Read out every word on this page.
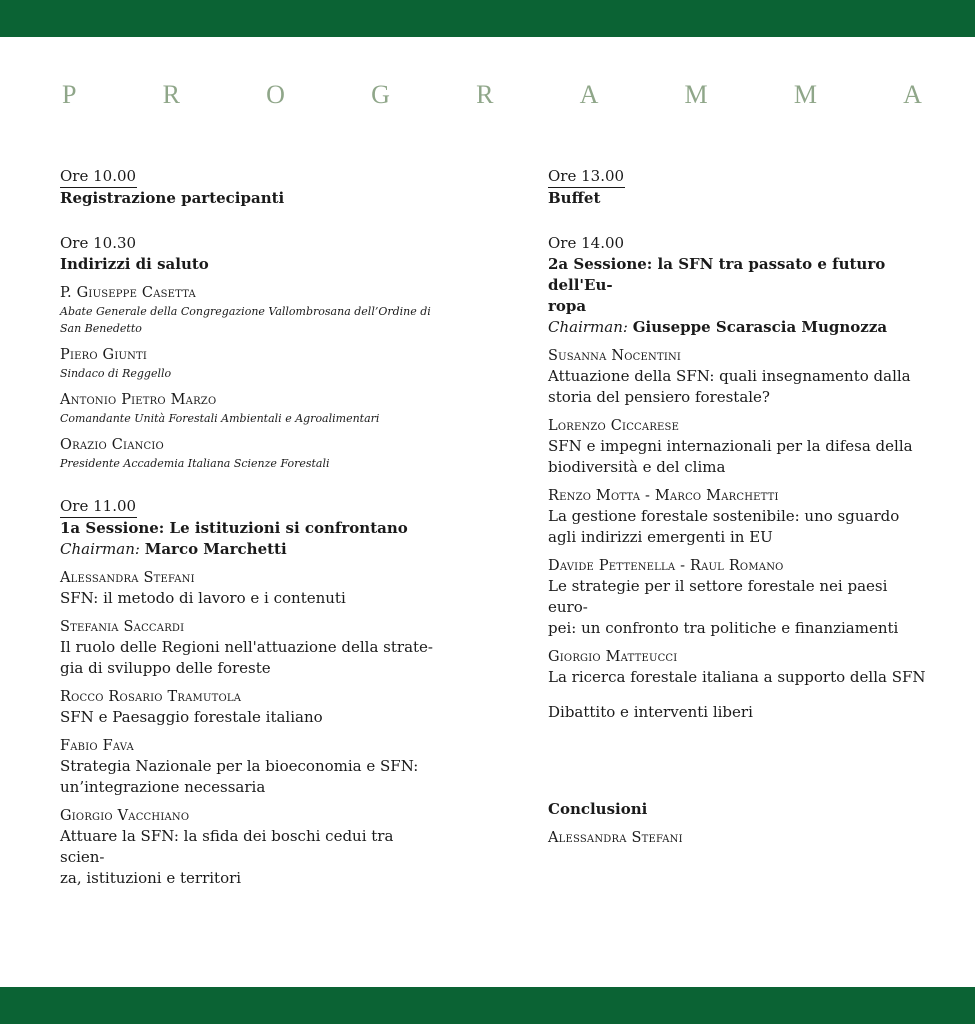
P	R	O	G	R	A	M	M	A
Ore 10.00
Registrazione partecipanti
Ore 10.30
Indirizzi di saluto
P. Giuseppe Casetta
Abate Generale della Congregazione Vallombrosana dell’Ordine di
San Benedetto
Piero Giunti
Sindaco di Reggello
Antonio Pietro Marzo
Comandante Unità Forestali Ambientali e Agroalimentari
Orazio Ciancio
Presidente Accademia Italiana Scienze Forestali
Ore 11.00
1a Sessione: Le istituzioni si confrontano
Chairman: Marco Marchetti
Alessandra Stefani
SFN: il metodo di lavoro e i contenuti
Stefania Saccardi
Il ruolo delle Regioni nell'attuazione della strate-
gia di sviluppo delle foreste
Rocco Rosario Tramutola
SFN e Paesaggio forestale italiano
Fabio Fava
Strategia Nazionale per la bioeconomia e SFN:
un’integrazione necessaria
Giorgio Vacchiano
Attuare la SFN: la sfida dei boschi cedui tra scien-
za, istituzioni e territori
Ore 13.00
Buffet
Ore 14.00
2a Sessione: la SFN tra passato e futuro dell'Eu-
ropa
Chairman: Giuseppe Scarascia Mugnozza
Susanna Nocentini
Attuazione della SFN: quali insegnamento dalla
storia del pensiero forestale?
Lorenzo Ciccarese
SFN e impegni internazionali per la difesa della
biodiversità e del clima
Renzo Motta - Marco Marchetti
La gestione forestale sostenibile: uno sguardo
agli indirizzi emergenti in EU
Davide Pettenella - Raul Romano
Le strategie per il settore forestale nei paesi euro-
pei: un confronto tra politiche e finanziamenti
Giorgio Matteucci
La ricerca forestale italiana a supporto della SFN
Dibattito e interventi liberi
Conclusioni
Alessandra Stefani
